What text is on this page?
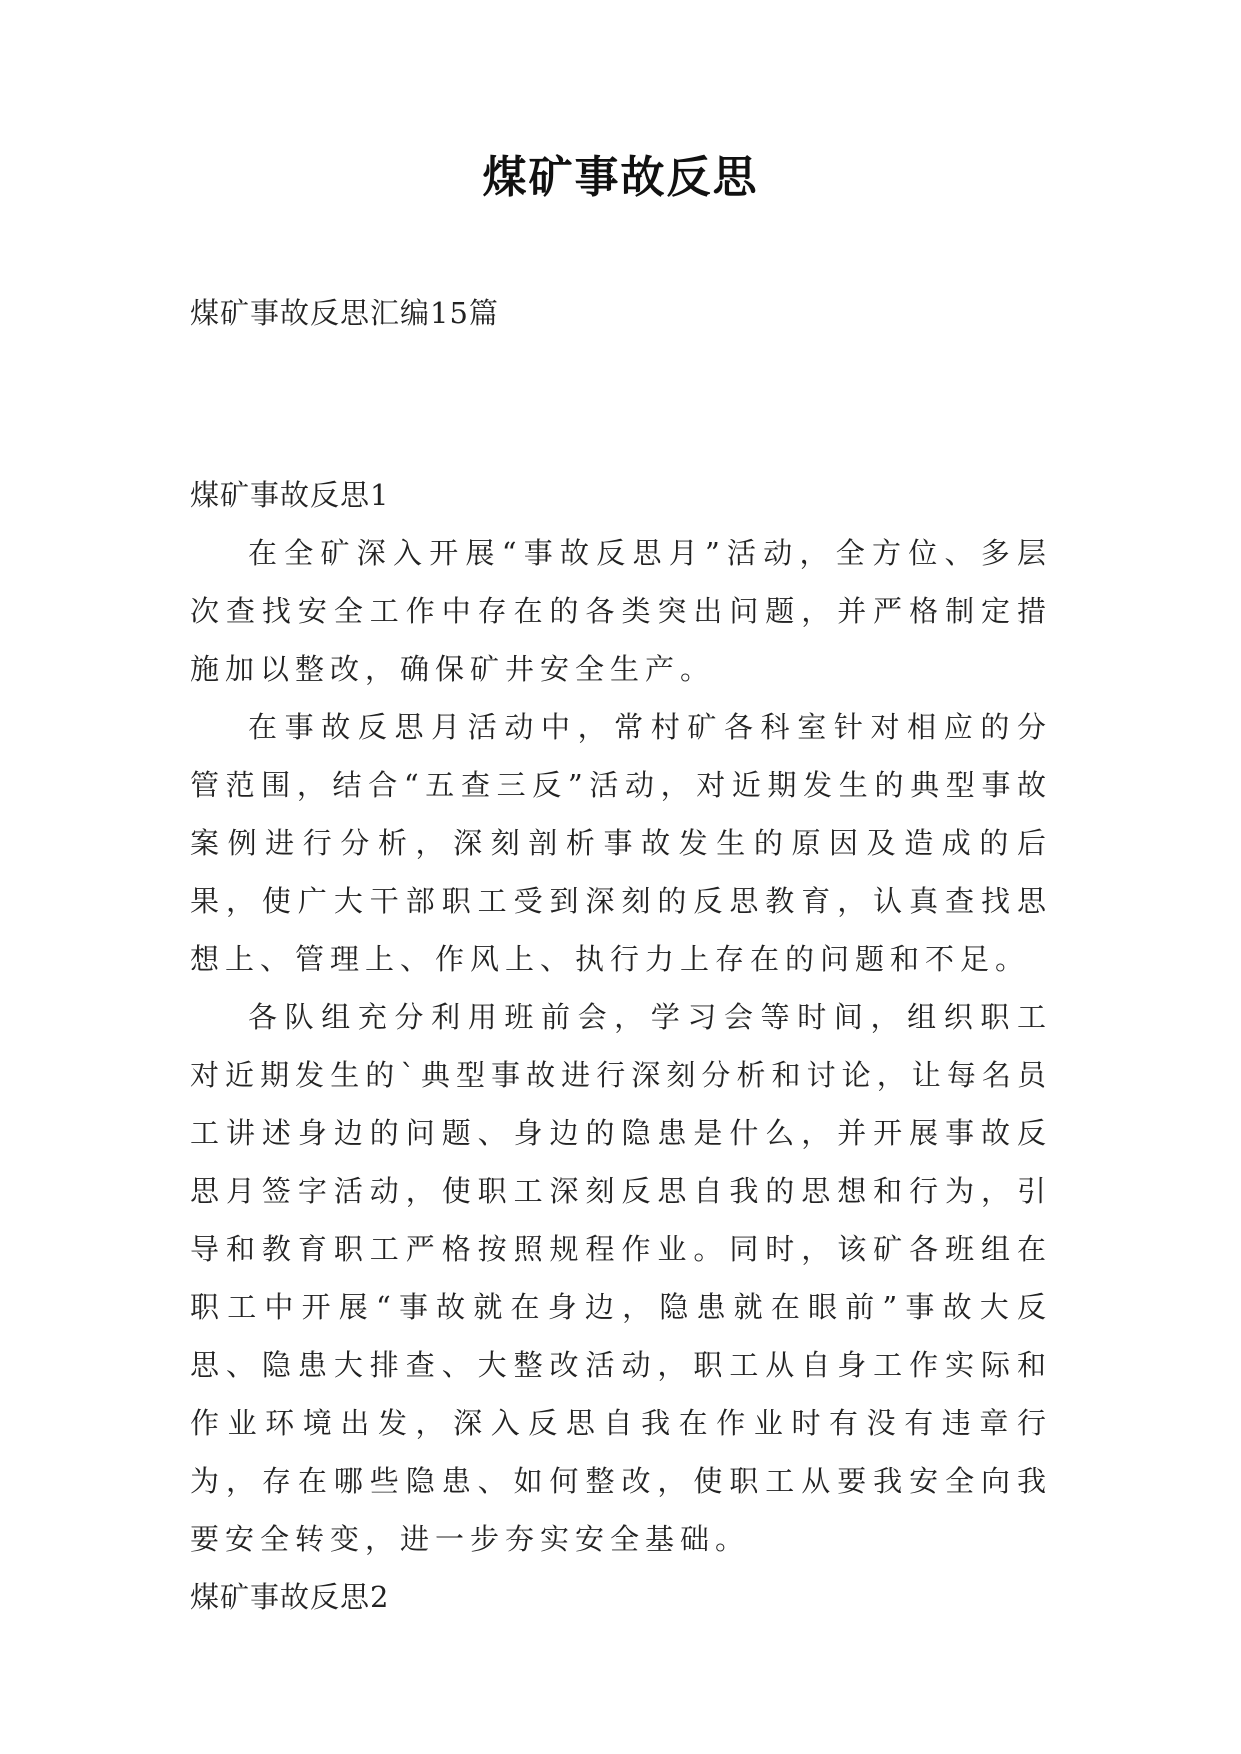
煤矿事故反思
煤矿事故反思汇编15篇

煤矿事故反思1

在全矿深入开展“事故反思月”活动，全方位、多层次查找安全工作中存在的各类突出问题，并严格制定措施加以整改，确保矿井安全生产。

在事故反思月活动中，常村矿各科室针对相应的分管范围，结合“五查三反”活动，对近期发生的典型事故案例进行分析，深刻剖析事故发生的原因及造成的后果，使广大干部职工受到深刻的反思教育，认真查找思想上、管理上、作风上、执行力上存在的问题和不足。

各队组充分利用班前会，学习会等时间，组织职工对近期发生的`典型事故进行深刻分析和讨论，让每名员工讲述身边的问题、身边的隐患是什么，并开展事故反思月签字活动，使职工深刻反思自我的思想和行为，引导和教育职工严格按照规程作业。同时，该矿各班组在职工中开展“事故就在身边，隐患就在眼前”事故大反思、隐患大排查、大整改活动，职工从自身工作实际和作业环境出发，深入反思自我在作业时有没有违章行为，存在哪些隐患、如何整改，使职工从要我安全向我要安全转变，进一步夯实安全基础。

煤矿事故反思2
